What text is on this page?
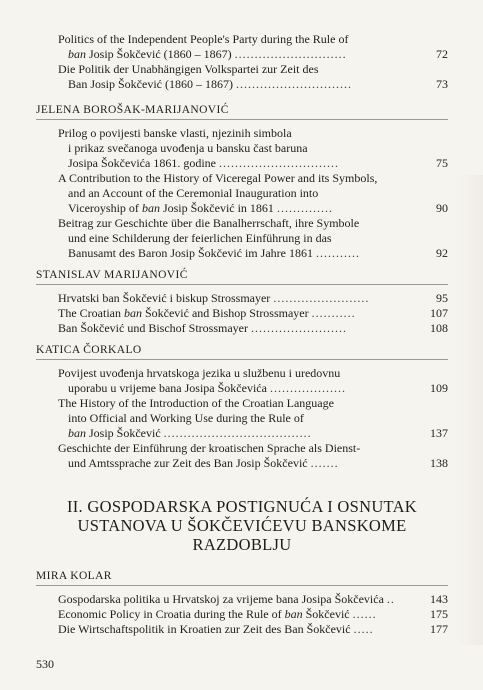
Politics of the Independent People's Party during the Rule of
ban Josip Šokčević (1860 – 1867) ............................	72
Die Politik der Unabhängigen Volkspartei zur Zeit des
Ban Josip Šokčević (1860 – 1867) .............................	73
JELENA BOROŠAK-MARIJANOVIĆ
Prilog o povijesti banske vlasti, njezinih simbola
i prikaz svečanoga uvođenja u bansku čast baruna
Josipa Šokčevića 1861. godine ..............................	75
A Contribution to the History of Viceregal Power and its Symbols,
and an Account of the Ceremonial Inauguration into
Viceroyship of ban Josip Šokčević in 1861 ..............	90
Beitrag zur Geschichte über die Banalherrschaft, ihre Symbole
und eine Schilderung der feierlichen Einführung in das
Banusamt des Baron Josip Šokčević im Jahre 1861 ...........	92
STANISLAV MARIJANOVIĆ
Hrvatski ban Šokčević i biskup Strossmayer ........................	95
The Croatian ban Šokčević and Bishop Strossmayer ...........	107
Ban Šokčević und Bischof Strossmayer ........................	108
KATICA ČORKALO
Povijest uvođenja hrvatskoga jezika u službenu i uredovnu
uporabu u vrijeme bana Josipa Šokčevića ...................	109
The History of the Introduction of the Croatian Language
into Official and Working Use during the Rule of
ban Josip Šokčević .....................................	137
Geschichte der Einführung der kroatischen Sprache als Dienst-
und Amtssprache zur Zeit des Ban Josip Šokčević .......	138
II. GOSPODARSKA POSTIGNUĆA I OSNUTAK
USTANOVA U ŠOKČEVIĆEVU BANSKOME
RAZDOBLJU
MIRA KOLAR
Gospodarska politika u Hrvatskoj za vrijeme bana Josipa Šokčevića ..	143
Economic Policy in Croatia during the Rule of ban Šokčević ......	175
Die Wirtschaftspolitik in Kroatien zur Zeit des Ban Šokčević .....	177
530
